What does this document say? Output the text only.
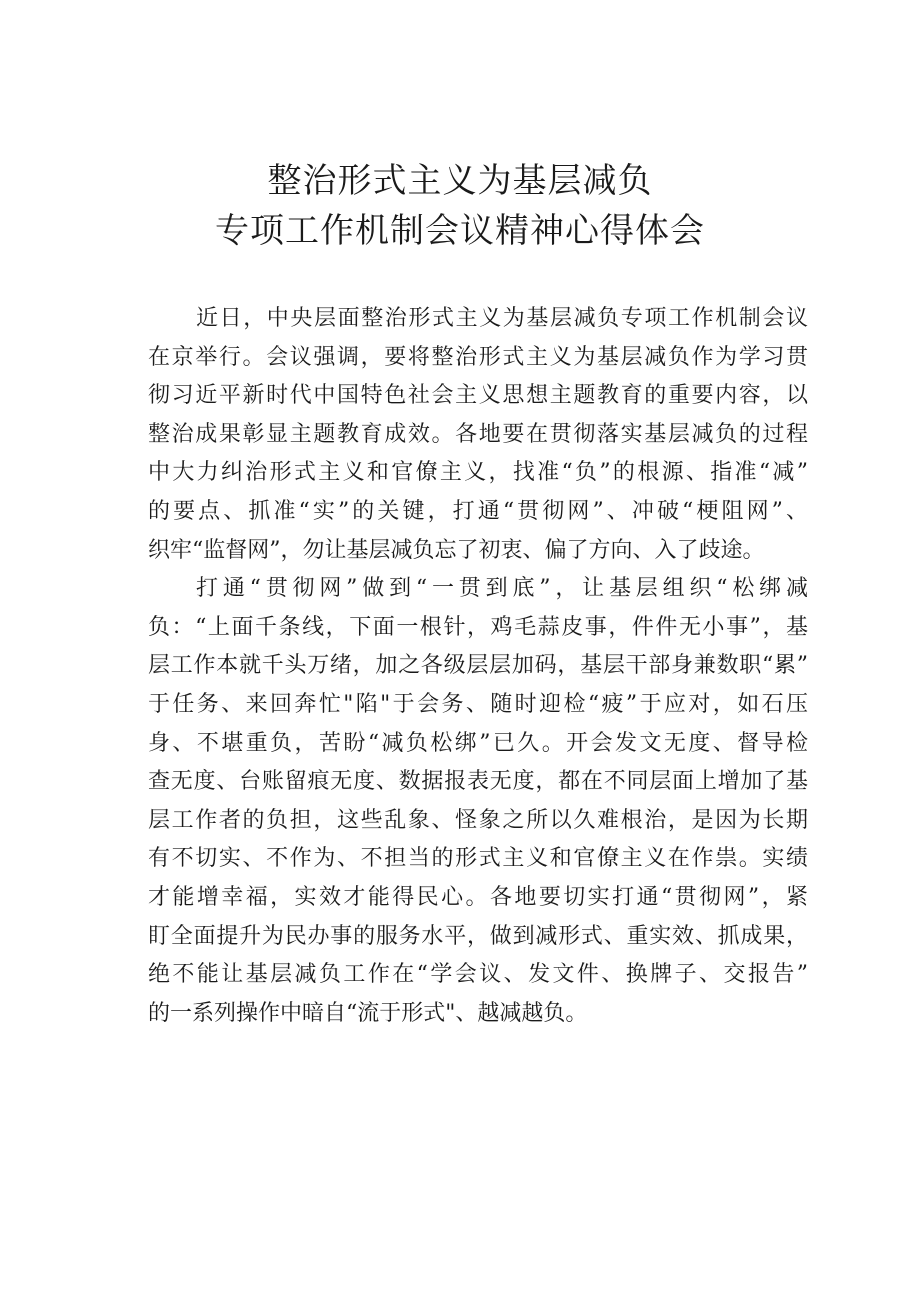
整治形式主义为基层减负
专项工作机制会议精神心得体会
近日，中央层面整治形式主义为基层减负专项工作机制会议
在京举行。会议强调，要将整治形式主义为基层减负作为学习贯
彻习近平新时代中国特色社会主义思想主题教育的重要内容，以
整治成果彰显主题教育成效。各地要在贯彻落实基层减负的过程
中大力纠治形式主义和官僚主义，找准“负”的根源、指准“减”
的要点、抓准“实”的关键，打通“贯彻网”、冲破“梗阻网”、
织牢“监督网”，勿让基层减负忘了初衷、偏了方向、入了歧途。
打通“贯彻网”做到“一贯到底”，让基层组织“松绑减
负：“上面千条线，下面一根针，鸡毛蒜皮事，件件无小事”，基
层工作本就千头万绪，加之各级层层加码，基层干部身兼数职“累”
于任务、来回奔忙"陷"于会务、随时迎检“疲”于应对，如石压
身、不堪重负，苦盼“减负松绑”已久。开会发文无度、督导检
查无度、台账留痕无度、数据报表无度，都在不同层面上增加了基
层工作者的负担，这些乱象、怪象之所以久难根治，是因为长期
有不切实、不作为、不担当的形式主义和官僚主义在作祟。实绩
才能增幸福，实效才能得民心。各地要切实打通“贯彻网”，紧
盯全面提升为民办事的服务水平，做到减形式、重实效、抓成果，
绝不能让基层减负工作在“学会议、发文件、换牌子、交报告”
的一系列操作中暗自“流于形式"、越减越负。
